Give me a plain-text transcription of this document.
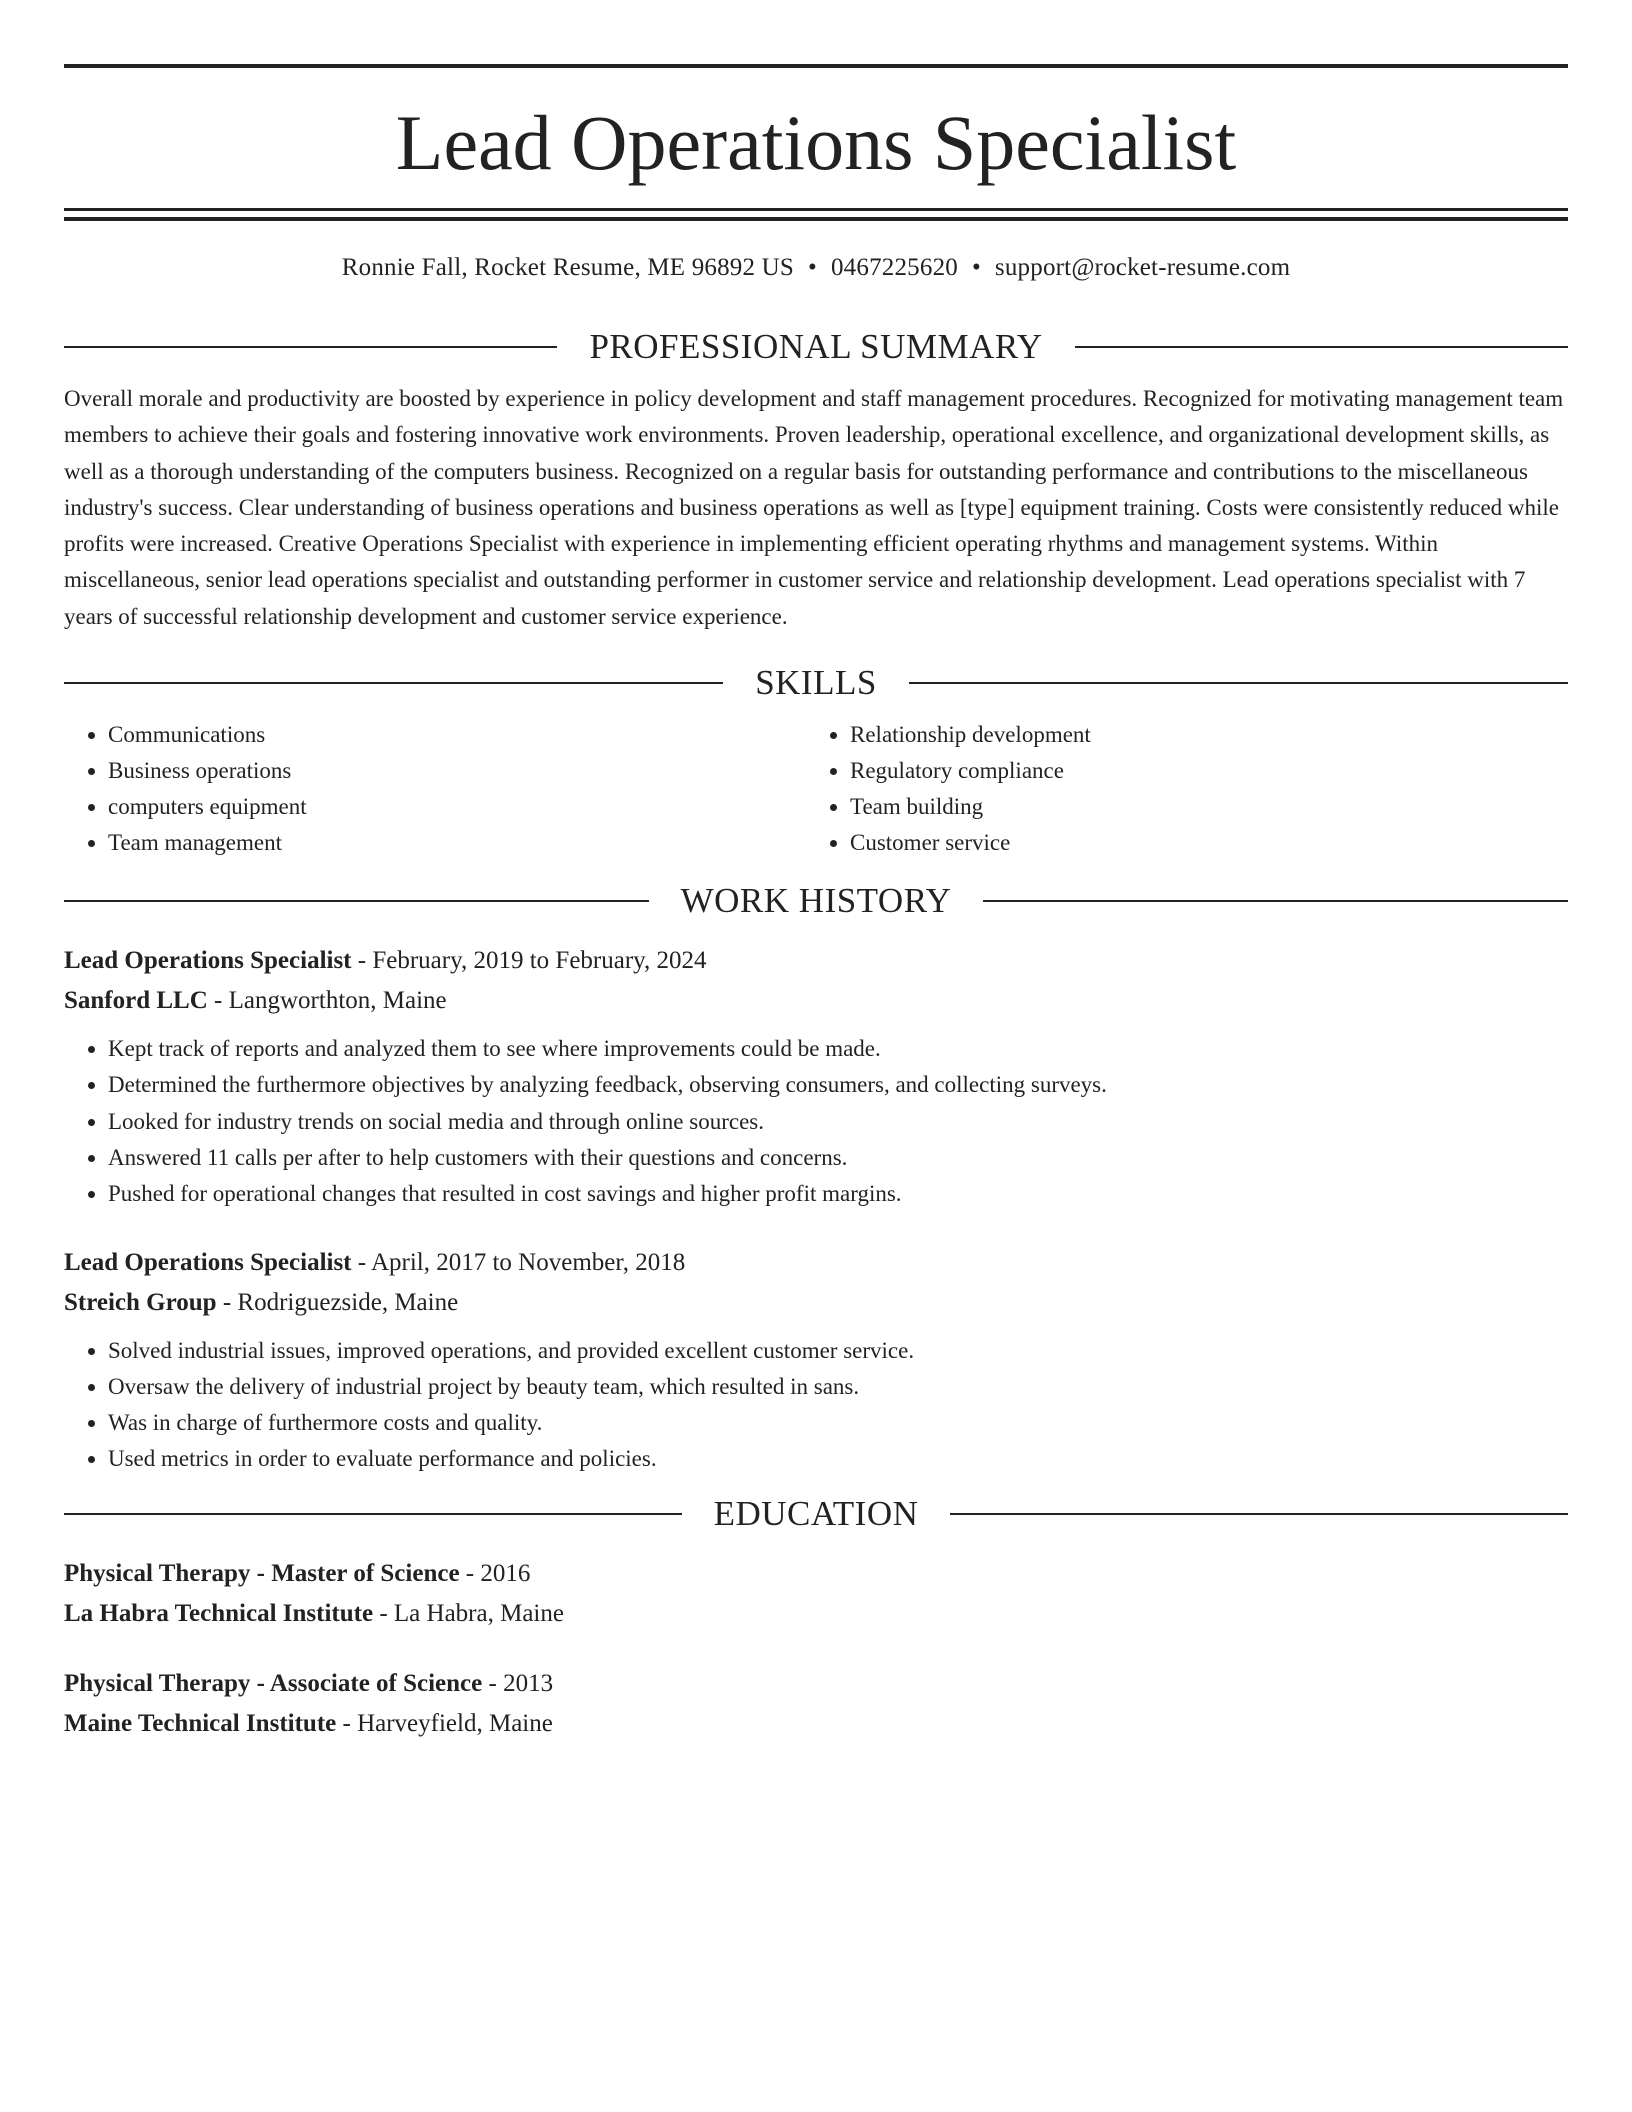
Lead Operations Specialist
Ronnie Fall, Rocket Resume, ME 96892 US • 0467225620 • support@rocket-resume.com
PROFESSIONAL SUMMARY
Overall morale and productivity are boosted by experience in policy development and staff management procedures. Recognized for motivating management team members to achieve their goals and fostering innovative work environments. Proven leadership, operational excellence, and organizational development skills, as well as a thorough understanding of the computers business. Recognized on a regular basis for outstanding performance and contributions to the miscellaneous industry's success. Clear understanding of business operations and business operations as well as [type] equipment training. Costs were consistently reduced while profits were increased. Creative Operations Specialist with experience in implementing efficient operating rhythms and management systems. Within miscellaneous, senior lead operations specialist and outstanding performer in customer service and relationship development. Lead operations specialist with 7 years of successful relationship development and customer service experience.
SKILLS
• Communications
• Business operations
• computers equipment
• Team management
• Relationship development
• Regulatory compliance
• Team building
• Customer service
WORK HISTORY
Lead Operations Specialist - February, 2019 to February, 2024
Sanford LLC - Langworthton, Maine
• Kept track of reports and analyzed them to see where improvements could be made.
• Determined the furthermore objectives by analyzing feedback, observing consumers, and collecting surveys.
• Looked for industry trends on social media and through online sources.
• Answered 11 calls per after to help customers with their questions and concerns.
• Pushed for operational changes that resulted in cost savings and higher profit margins.
Lead Operations Specialist - April, 2017 to November, 2018
Streich Group - Rodriguezside, Maine
• Solved industrial issues, improved operations, and provided excellent customer service.
• Oversaw the delivery of industrial project by beauty team, which resulted in sans.
• Was in charge of furthermore costs and quality.
• Used metrics in order to evaluate performance and policies.
EDUCATION
Physical Therapy - Master of Science - 2016
La Habra Technical Institute - La Habra, Maine
Physical Therapy - Associate of Science - 2013
Maine Technical Institute - Harveyfield, Maine
